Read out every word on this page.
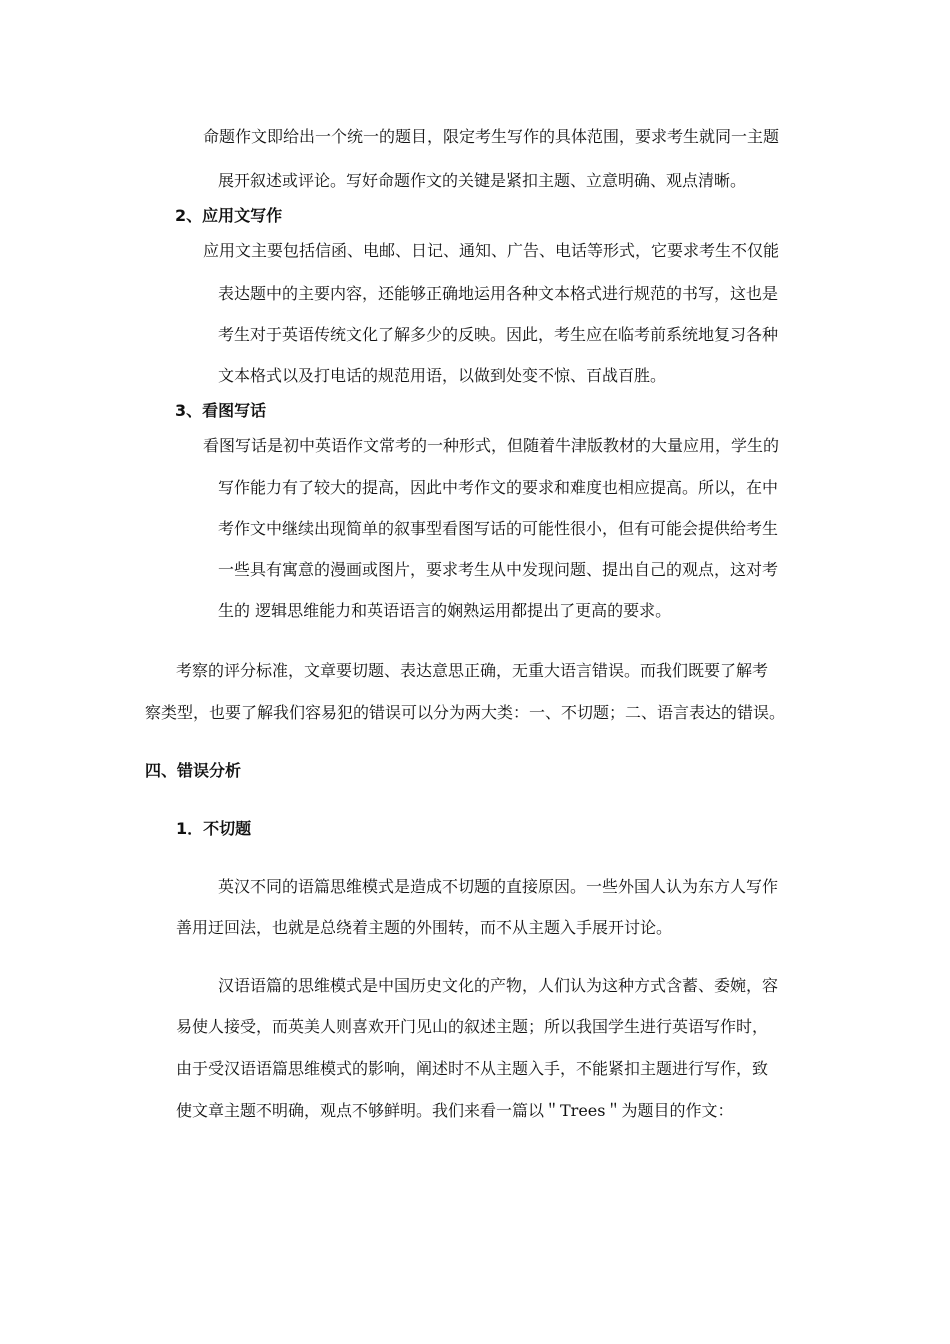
命题作文即给出一个统一的题目，限定考生写作的具体范围，要求考生就同一主题
展开叙述或评论。写好命题作文的关键是紧扣主题、立意明确、观点清晰。
2、应用文写作
应用文主要包括信函、电邮、日记、通知、广告、电话等形式，它要求考生不仅能
表达题中的主要内容，还能够正确地运用各种文本格式进行规范的书写，这也是
考生对于英语传统文化了解多少的反映。因此，考生应在临考前系统地复习各种
文本格式以及打电话的规范用语，以做到处变不惊、百战百胜。
3、看图写话
看图写话是初中英语作文常考的一种形式，但随着牛津版教材的大量应用，学生的
写作能力有了较大的提高，因此中考作文的要求和难度也相应提高。所以，在中
考作文中继续出现简单的叙事型看图写话的可能性很小，但有可能会提供给考生
一些具有寓意的漫画或图片，要求考生从中发现问题、提出自己的观点，这对考
生的 逻辑思维能力和英语语言的娴熟运用都提出了更高的要求。
考察的评分标准，文章要切题、表达意思正确，无重大语言错误。而我们既要了解考
察类型，也要了解我们容易犯的错误可以分为两大类：一、不切题；二、语言表达的错误。
四、错误分析
1．不切题
英汉不同的语篇思维模式是造成不切题的直接原因。一些外国人认为东方人写作
善用迂回法，也就是总绕着主题的外围转，而不从主题入手展开讨论。
汉语语篇的思维模式是中国历史文化的产物，人们认为这种方式含蓄、委婉，容
易使人接受，而英美人则喜欢开门见山的叙述主题；所以我国学生进行英语写作时，
由于受汉语语篇思维模式的影响，阐述时不从主题入手，不能紧扣主题进行写作，致
使文章主题不明确，观点不够鲜明。我们来看一篇以＂Trees＂为题目的作文：
